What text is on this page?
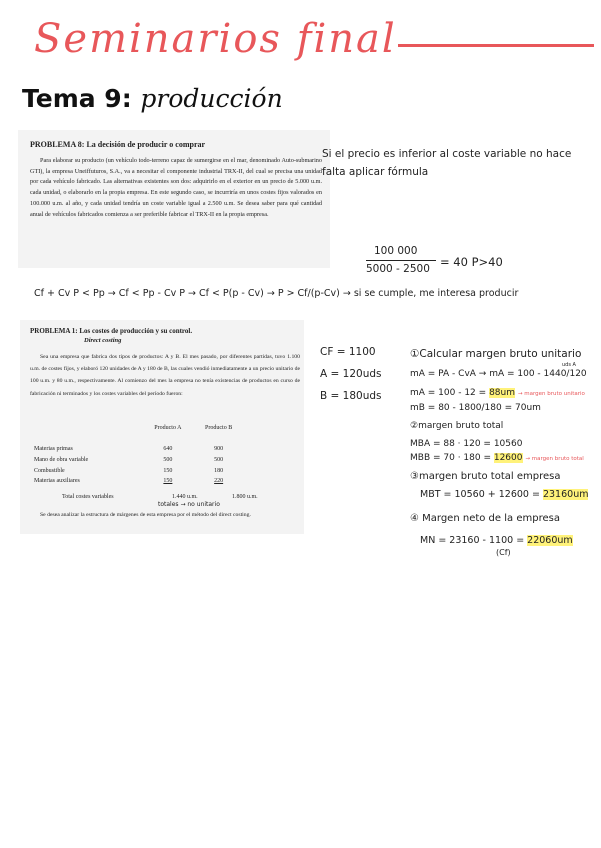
Seminarios final
Tema 9: producción
PROBLEMA 8: La decisión de producir o comprar
Para elaborar su producto (un vehículo todo-terreno capaz de sumergirse en el mar, denominado Auto-submarino GTI), la empresa Uneiffuturos, S.A., va a necesitar el componente industrial TRX-II, del cual se precisa una unidad por cada vehículo fabricado. Las alternativas existentes son dos: adquirirlo en el exterior en un precio de 5.000 u.m. cada unidad, o elaborarlo en la propia empresa. En este segundo caso, se incurriría en unos costes fijos valorados en 100.000 u.m. al año, y cada unidad tendría un coste variable igual a 2.500 u.m. Se desea saber para qué cantidad anual de vehículos fabricados comienza a ser preferible fabricar el TRX-II en la propia empresa.
Si el precio es inferior al coste variable no hace
falta aplicar fórmula
100 000
5000 - 2500 = 40 P>40
Cf + Cv P < Pp → Cf < Pp - Cv P → Cf < P(p - Cv) → P > Cf/(p-Cv) → si se cumple, me interesa producir
PROBLEMA 1: Los costes de producción y su control.
Direct costing
Sea una empresa que fabrica dos tipos de productos: A y B. El mes pasado, por diferentes partidas, tuvo 1.100 u.m. de costes fijos, y elaboró 120 unidades de A y 180 de B, las cuales vendió inmediatamente a un precio unitario de 100 u.m. y 80 u.m., respectivamente. Al comienzo del mes la empresa no tenía existencias de productos en curso de fabricación ni terminados y los costes variables del período fueron:
	Producto A	Producto B

Materias primas	640	900
Mano de obra variable	500	500
Combustible	150	180
Materias auxiliares	150	220
Total costes variables	1.440 u.m.	1.800 u.m.
totales → no unitario
Se desea analizar la estructura de márgenes de esta empresa por el método del direct costing.
CF = 1100
A = 120uds
B = 180uds
①Calcular margen bruto unitario
uds A
mA = PA - CvA → mA = 100 - 1440/120
mA = 100 - 12 = 88um → margen bruto unitario
mB = 80 - 1800/180 = 70um
②margen bruto total
MBA = 88 · 120 = 10560
MBB = 70 · 180 = 12600 → margen bruto total
③margen bruto total empresa
MBT = 10560 + 12600 = 23160um
④ Margen neto de la empresa
MN = 23160 - 1100 = 22060um
(Cf)
